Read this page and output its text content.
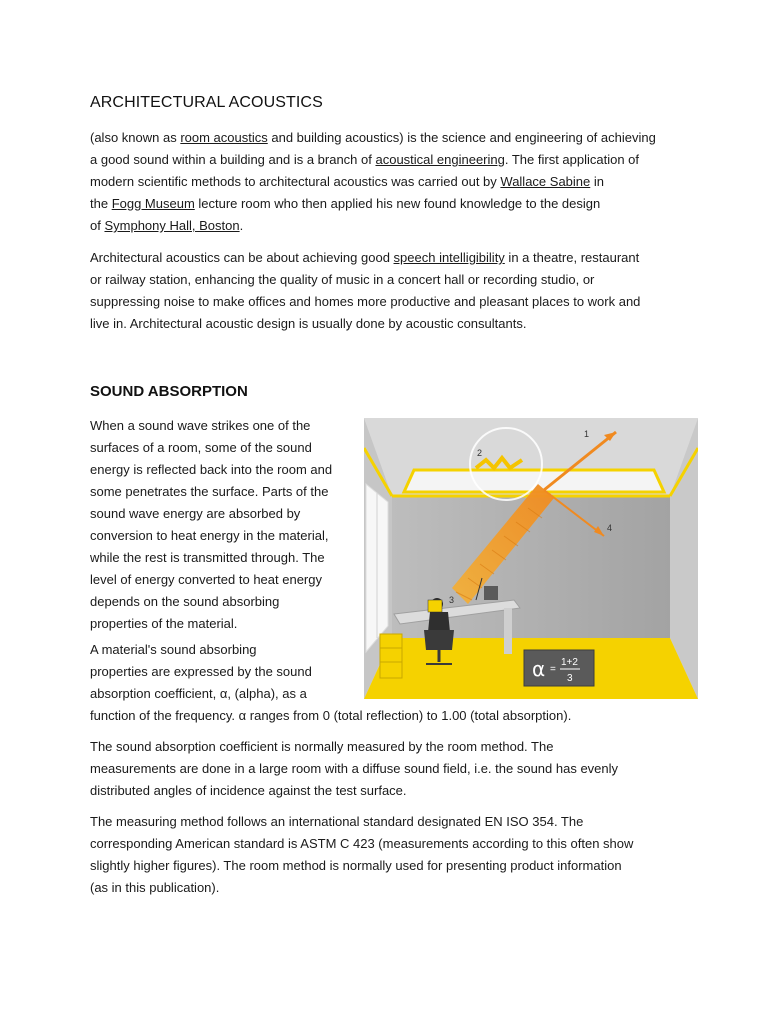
ARCHITECTURAL ACOUSTICS
(also known as room acoustics and building acoustics) is the science and engineering of achieving
a good sound within a building and is a branch of acoustical engineering. The first application of
modern scientific methods to architectural acoustics was carried out by Wallace Sabine in
the Fogg Museum lecture room who then applied his new found knowledge to the design
of Symphony Hall, Boston.
Architectural acoustics can be about achieving good speech intelligibility in a theatre, restaurant
or railway station, enhancing the quality of music in a concert hall or recording studio, or
suppressing noise to make offices and homes more productive and pleasant places to work and
live in. Architectural acoustic design is usually done by acoustic consultants.
SOUND ABSORPTION
When a sound wave strikes one of the
surfaces of a room, some of the sound
energy is reflected back into the room and
some penetrates the surface. Parts of the
sound wave energy are absorbed by
conversion to heat energy in the material,
while the rest is transmitted through. The
level of energy converted to heat energy
depends on the sound absorbing
properties of the material.
A material's sound absorbing
properties are expressed by the sound
absorption coefficient, α, (alpha), as a
function of the frequency. α ranges from 0 (total reflection) to 1.00 (total absorption).
The sound absorption coefficient is normally measured by the room method. The
measurements are done in a large room with a diffuse sound field, i.e. the sound has evenly
distributed angles of incidence against the test surface.
The measuring method follows an international standard designated EN ISO 354. The
corresponding American standard is ASTM C 423 (measurements according to this often show
slightly higher figures). The room method is normally used for presenting product information
(as in this publication).
1
2
3
4
α =
1+2
3
